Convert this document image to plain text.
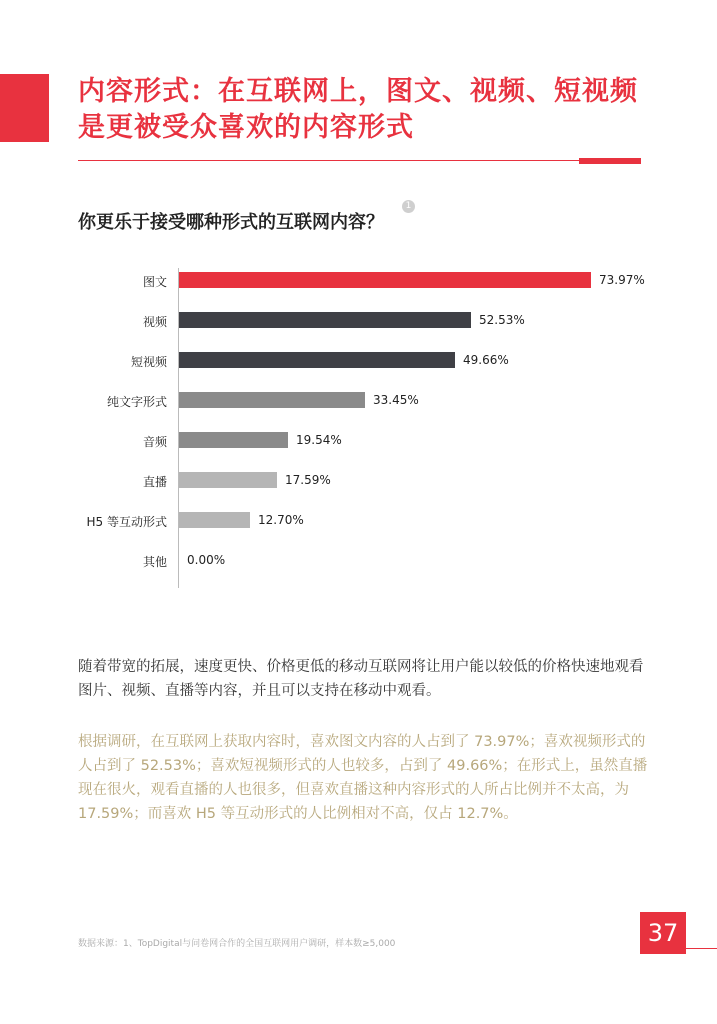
内容形式：在互联网上，图文、视频、短视频
是更被受众喜欢的内容形式
你更乐于接受哪种形式的互联网内容？
1
图文	73.97%
视频	52.53%
短视频	49.66%
纯文字形式	33.45%
音频	19.54%
直播	17.59%
H5 等互动形式	12.70%
其他 0.00%
随着带宽的拓展，速度更快、价格更低的移动互联网将让用户能以较低的价格快速地观看图片、视频、直播等内容，并且可以支持在移动中观看。
根据调研，在互联网上获取内容时，喜欢图文内容的人占到了 73.97%；喜欢视频形式的人占到了 52.53%；喜欢短视频形式的人也较多，占到了 49.66%；在形式上，虽然直播现在很火，观看直播的人也很多，但喜欢直播这种内容形式的人所占比例并不太高，为 17.59%；而喜欢 H5 等互动形式的人比例相对不高，仅占 12.7%。
数据来源：1、TopDigital与问卷网合作的全国互联网用户调研，样本数≥5,000	37
